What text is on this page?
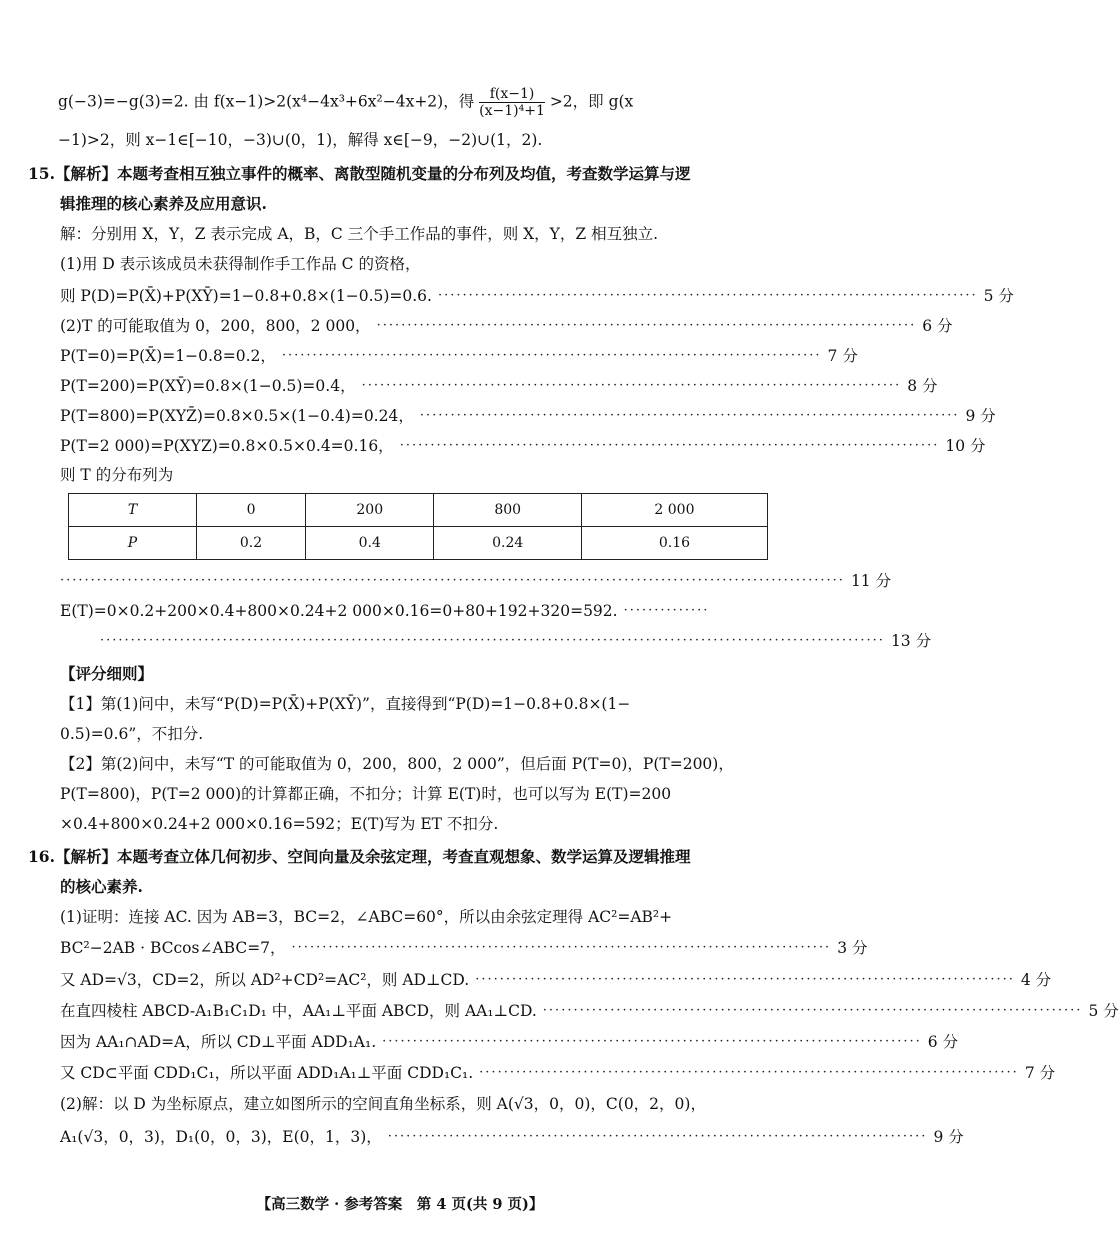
g(−3)=−g(3)=2. 由 f(x−1)>2(x⁴−4x³+6x²−4x+2)，得 $\frac{f(x-1)}{\text{(x−1)⁴+1}} >2$，即 g(x
−1)>2，则 x−1∈[−10，−3)∪(0，1)，解得 x∈[−9，−2)∪(1，2).
15.【解析】本题考查相互独立事件的概率、离散型随机变量的分布列及均值，考查数学运算与逻
辑推理的核心素养及应用意识.
解：分别用 X，Y，Z 表示完成 A，B，C 三个手工作品的事件，则 X，Y，Z 相互独立.
(1)用 D 表示该成员未获得制作手工作品 C 的资格，
则 P(D)=P(X̄)+P(XȲ)=1−0.8+0.8×(1−0.5)=0.6. ························································································ 5 分
(2)T 的可能取值为 0，200，800，2 000， ························································································ 6 分
P(T=0)=P(X̄)=1−0.8=0.2， ························································································ 7 分
P(T=200)=P(XȲ)=0.8×(1−0.5)=0.4， ························································································ 8 分
P(T=800)=P(XYZ̄)=0.8×0.5×(1−0.4)=0.24， ························································································ 9 分
P(T=2 000)=P(XYZ)=0.8×0.5×0.4=0.16， ························································································ 10 分
则 T 的分布列为
T	0	200	800	2 000
P	0.2	0.4	0.24	0.16
································································································································ 11 分
E(T)=0×0.2+200×0.4+800×0.24+2 000×0.16=0+80+192+320=592. ··············
································································································································ 13 分
【评分细则】
【1】第(1)问中，未写“P(D)=P(X̄)+P(XȲ)”，直接得到“P(D)=1−0.8+0.8×(1−
0.5)=0.6”，不扣分.
【2】第(2)问中，未写“T 的可能取值为 0，200，800，2 000”，但后面 P(T=0)，P(T=200)，
P(T=800)，P(T=2 000)的计算都正确，不扣分；计算 E(T)时，也可以写为 E(T)=200
×0.4+800×0.24+2 000×0.16=592；E(T)写为 ET 不扣分.
16.【解析】本题考查立体几何初步、空间向量及余弦定理，考查直观想象、数学运算及逻辑推理
的核心素养.
(1)证明：连接 AC. 因为 AB=3，BC=2，∠ABC=60°，所以由余弦定理得 AC²=AB²+
BC²−2AB · BCcos∠ABC=7， ························································································ 3 分
又 AD=√3，CD=2，所以 AD²+CD²=AC²，则 AD⊥CD. ························································································ 4 分
在直四棱柱 ABCD-A₁B₁C₁D₁ 中，AA₁⊥平面 ABCD，则 AA₁⊥CD. ························································································ 5 分
因为 AA₁∩AD=A，所以 CD⊥平面 ADD₁A₁. ························································································ 6 分
又 CD⊂平面 CDD₁C₁，所以平面 ADD₁A₁⊥平面 CDD₁C₁. ························································································ 7 分
(2)解：以 D 为坐标原点，建立如图所示的空间直角坐标系，则 A(√3，0，0)，C(0，2，0)，
A₁(√3，0，3)，D₁(0，0，3)，E(0，1，3)， ························································································ 9 分
【高三数学 · 参考答案　第 4 页(共 9 页)】
